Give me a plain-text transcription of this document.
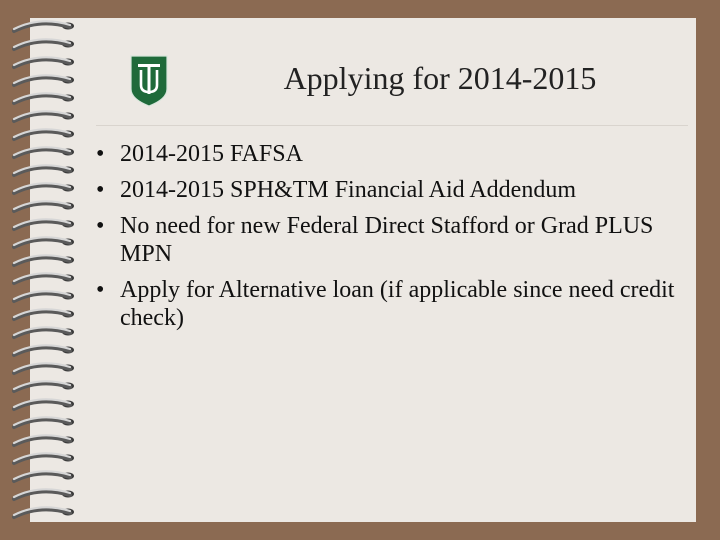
Applying for 2014-2015
• 2014-2015 FAFSA
• 2014-2015 SPH&TM Financial Aid Addendum
• No need for new Federal Direct Stafford or Grad PLUS MPN
• Apply for Alternative loan (if applicable since need credit check)
